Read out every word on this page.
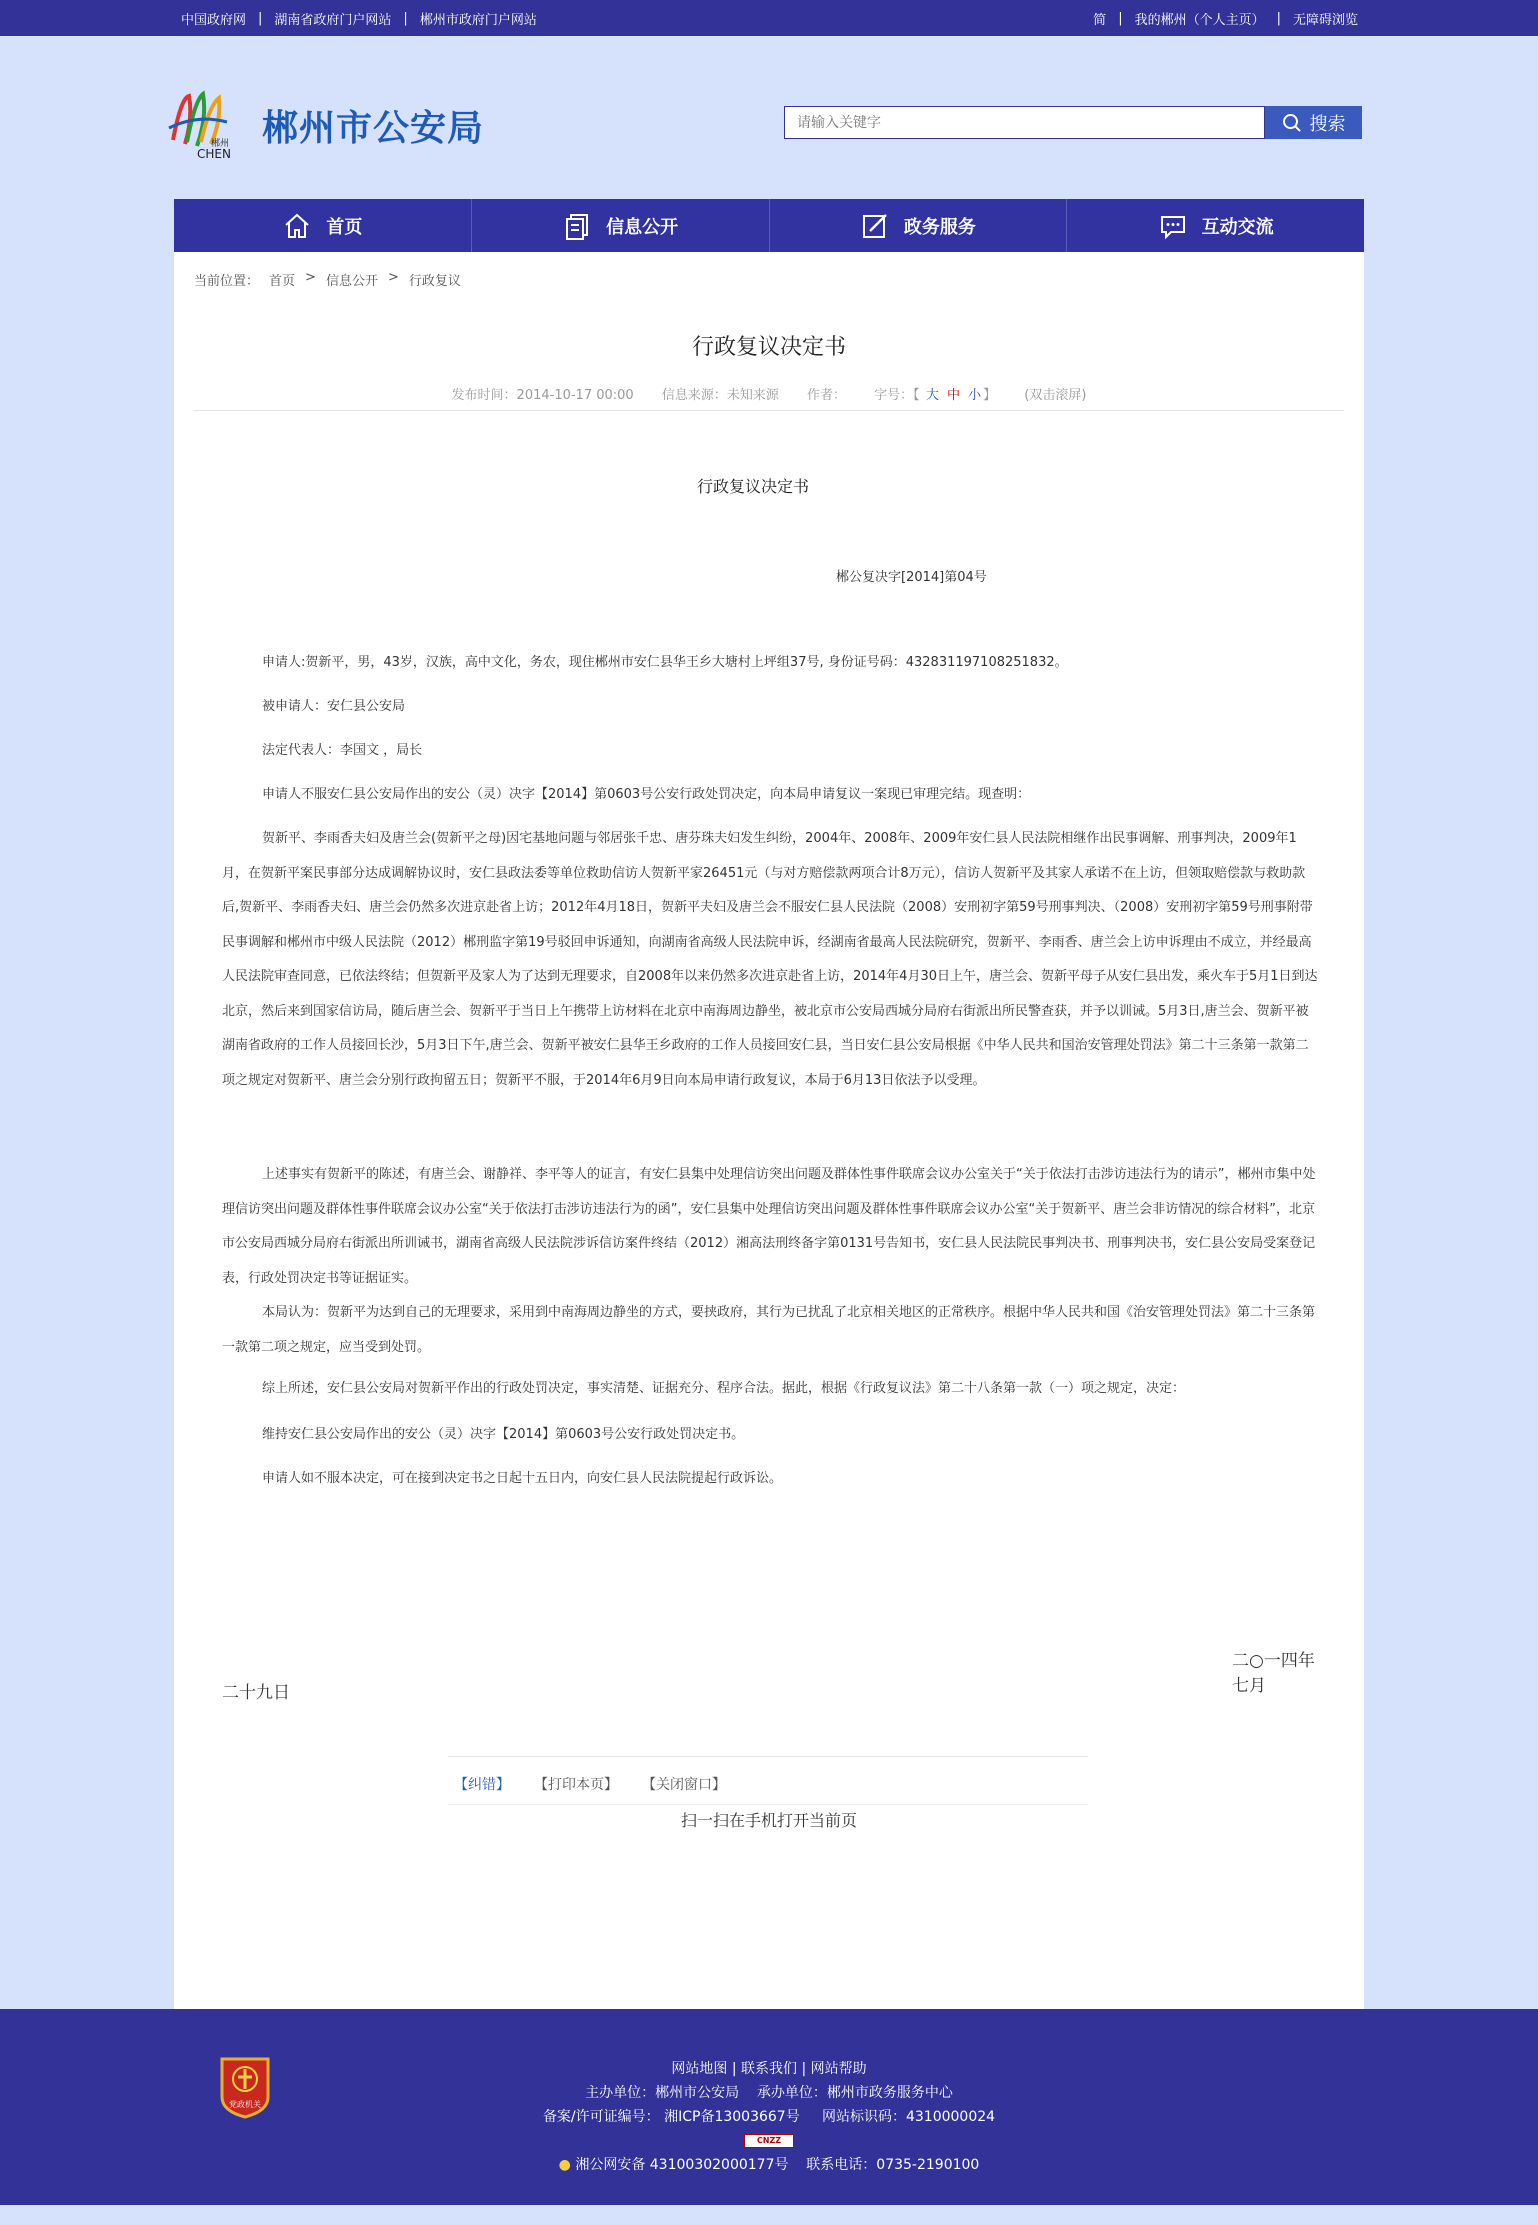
中国政府网 | 湖南省政府门户网站 | 郴州市政府门户网站	简 | 我的郴州（个人主页） | 无障碍浏览
郴州
CHEN
郴州市公安局
请输入关键字	搜索
首页	信息公开	政务服务	互动交流
当前位置： 首页 > 信息公开 > 行政复议
行政复议决定书
发布时间：2014-10-17 00:00 信息来源：未知来源 作者： 字号：【 大 中 小 】 (双击滚屏)
行政复议决定书
郴公复决字[2014]第04号
申请人:贺新平，男，43岁，汉族，高中文化，务农，现住郴州市安仁县华王乡大塘村上坪组37号, 身份证号码：432831197108251832。
被申请人：安仁县公安局
法定代表人：李国文 ，局长
申请人不服安仁县公安局作出的安公（灵）决字【2014】第0603号公安行政处罚决定，向本局申请复议一案现已审理完结。现查明：
贺新平、李雨香夫妇及唐兰会(贺新平之母)因宅基地问题与邻居张千忠、唐芬珠夫妇发生纠纷，2004年、2008年、2009年安仁县人民法院相继作出民事调解、刑事判决，2009年1月，在贺新平案民事部分达成调解协议时，安仁县政法委等单位救助信访人贺新平家26451元（与对方赔偿款两项合计8万元），信访人贺新平及其家人承诺不在上访，但领取赔偿款与救助款后,贺新平、李雨香夫妇、唐兰会仍然多次进京赴省上访；2012年4月18日，贺新平夫妇及唐兰会不服安仁县人民法院（2008）安刑初字第59号刑事判决、（2008）安刑初字第59号刑事附带民事调解和郴州市中级人民法院（2012）郴刑监字第19号驳回申诉通知，向湖南省高级人民法院申诉，经湖南省最高人民法院研究，贺新平、李雨香、唐兰会上访申诉理由不成立，并经最高人民法院审查同意，已依法终结；但贺新平及家人为了达到无理要求，自2008年以来仍然多次进京赴省上访，2014年4月30日上午，唐兰会、贺新平母子从安仁县出发，乘火车于5月1日到达北京，然后来到国家信访局，随后唐兰会、贺新平于当日上午携带上访材料在北京中南海周边静坐，被北京市公安局西城分局府右街派出所民警查获，并予以训诫。5月3日,唐兰会、贺新平被湖南省政府的工作人员接回长沙，5月3日下午,唐兰会、贺新平被安仁县华王乡政府的工作人员接回安仁县，当日安仁县公安局根据《中华人民共和国治安管理处罚法》第二十三条第一款第二项之规定对贺新平、唐兰会分别行政拘留五日；贺新平不服，于2014年6月9日向本局申请行政复议，本局于6月13日依法予以受理。
上述事实有贺新平的陈述，有唐兰会、谢静祥、李平等人的证言，有安仁县集中处理信访突出问题及群体性事件联席会议办公室关于“关于依法打击涉访违法行为的请示”，郴州市集中处理信访突出问题及群体性事件联席会议办公室“关于依法打击涉访违法行为的函”，安仁县集中处理信访突出问题及群体性事件联席会议办公室“关于贺新平、唐兰会非访情况的综合材料”，北京市公安局西城分局府右街派出所训诫书，湖南省高级人民法院涉诉信访案件终结（2012）湘高法刑终备字第0131号告知书，安仁县人民法院民事判决书、刑事判决书，安仁县公安局受案登记表，行政处罚决定书等证据证实。
本局认为：贺新平为达到自己的无理要求，采用到中南海周边静坐的方式，要挟政府，其行为已扰乱了北京相关地区的正常秩序。根据中华人民共和国《治安管理处罚法》第二十三条第一款第二项之规定，应当受到处罚。
综上所述，安仁县公安局对贺新平作出的行政处罚决定，事实清楚、证据充分、程序合法。据此，根据《行政复议法》第二十八条第一款（一）项之规定，决定：
维持安仁县公安局作出的安公（灵）决字【2014】第0603号公安行政处罚决定书。
申请人如不服本决定，可在接到决定书之日起十五日内，向安仁县人民法院提起行政诉讼。
二○一四年七月
二十九日
【纠错】 【打印本页】 【关闭窗口】
扫一扫在手机打开当前页
党政机关
网站地图 | 联系我们 | 网站帮助
主办单位：郴州市公安局 承办单位：郴州市政务服务中心
备案/许可证编号： 湘ICP备13003667号 网站标识码：4310000024
CNZZ
● 湘公网安备 43100302000177号 联系电话：0735-2190100
